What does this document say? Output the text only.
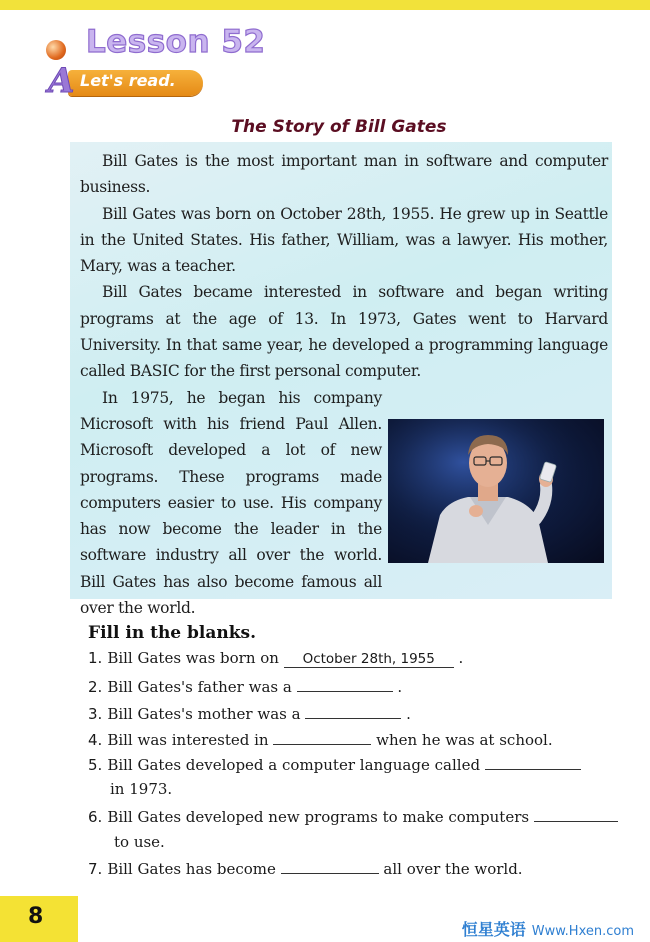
Lesson 52
A Let's read.
The Story of Bill Gates

Bill Gates is the most important man in software and computer business.

Bill Gates was born on October 28th, 1955. He grew up in Seattle in the United States. His father, William, was a lawyer. His mother, Mary, was a teacher.

Bill Gates became interested in software and began writing programs at the age of 13. In 1973, Gates went to Harvard University. In that same year, he developed a programming language called BASIC for the first personal computer.

In 1975, he began his company Microsoft with his friend Paul Allen. Microsoft developed a lot of new programs. These programs made computers easier to use. His company has now become the leader in the software industry all over the world. Bill Gates has also become famous all over the world.

Fill in the blanks.
1. Bill Gates was born on October 28th, 1955 .
2. Bill Gates's father was a	.
3. Bill Gates's mother was a	.
4. Bill was interested in	when he was at school.
5. Bill Gates developed a computer language called
in 1973.
6. Bill Gates developed new programs to make computers
to use.
7. Bill Gates has become	all over the world.
8
恒星英语 Www.Hxen.com
